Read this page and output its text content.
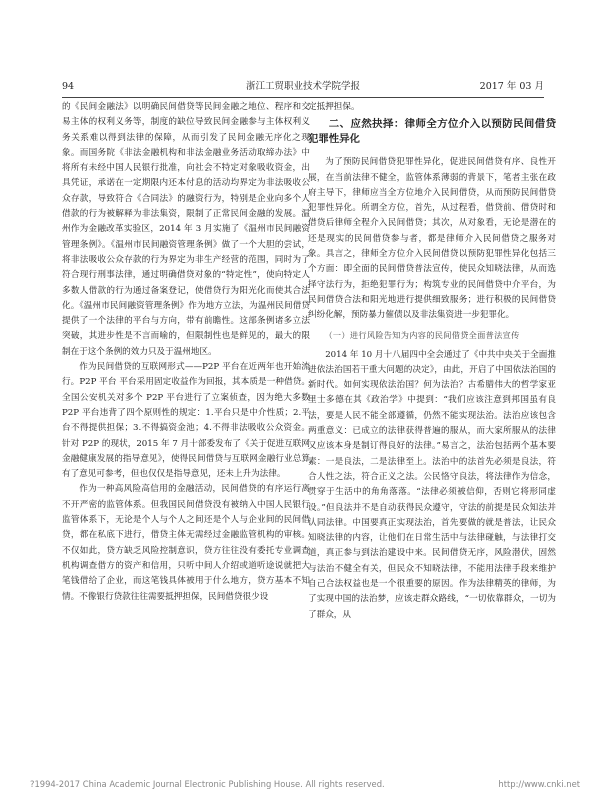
94	浙江工贸职业技术学院学报	2017 年 03 月

的《民间金融法》以明确民间借贷等民间金融之地位、程序和交易主体的权利义务等，制度的缺位导致民间金融参与主体权利义务关系难以得到法律的保障，从而引发了民间金融无序化之现象。而国务院《非法金融机构和非法金融业务活动取缔办法》中将所有未经中国人民银行批准，向社会不特定对象吸收资金，出具凭证，承诺在一定期限内还本付息的活动均界定为非法吸收公众存款，导致符合《合同法》的融资行为，特别是企业向多个人借款的行为被解释为非法集资，限制了正常民间金融的发展。温州作为金融改革实验区，2014 年 3 月实施了《温州市民间融资管理条例》。《温州市民间融资管理条例》做了一个大胆的尝试，将非法吸收公众存款的行为界定为非生产经营的范围，同时为了符合现行刑事法律，通过明确借贷对象的“特定性”，使向特定人多数人借款的行为通过备案登记，使借贷行为阳光化而使其合法化。《温州市民间融资管理条例》作为地方立法，为温州民间借贷提供了一个法律的平台与方向，带有前瞻性。这部条例诸多立法突破，其进步性是不言而喻的，但限制性也是鲜见的，最大的限制在于这个条例的效力只及于温州地区。

作为民间借贷的互联网形式——P2P 平台在近两年也开始流行。P2P 平台 平台采用固定收益作为回报，其本质是一种借贷。全国公安机关对多个 P2P 平台进行了立案侦查，因为绝大多数 P2P 平台违背了四个原则性的规定：1.平台只是中介性质；2.平台不得提供担保；3.不得搞资金池；4.不得非法吸收公众资金。针对 P2P 的现状，2015 年 7 月十部委发布了《关于促进互联网金融健康发展的指导意见》，使得民间借贷与互联网金融行业总算有了意见可参考，但也仅仅是指导意见，还未上升为法律。

作为一种高风险高信用的金融活动，民间借贷的有序运行离不开严密的监管体系。但我国民间借贷没有被纳入中国人民银行监管体系下，无论是个人与个人之间还是个人与企业间的民间借贷，都在私底下进行，借贷主体无需经过金融监管机构的审核。不仅如此，贷方缺乏风险控制意识，贷方往往没有委托专业调查机构调查借方的资产和信用，只听中间人介绍或道听途说就把大笔钱借给了企业，而这笔钱具体被用于什么地方，贷方基本不知情。不像银行贷款往往需要抵押担保，民间借贷很少设

定抵押担保。

二、应然抉择：律师全方位介入以预防民间借贷犯罪性异化

为了预防民间借贷犯罪性异化，促进民间借贷有序、良性开展，在当前法律不健全，监管体系薄弱的背景下，笔者主张在政府主导下，律师应当全方位地介入民间借贷，从而预防民间借贷犯罪性异化。所谓全方位，首先，从过程看，借贷前、借贷时和借贷后律师全程介入民间借贷；其次，从对象看，无论是潜在的还是现实的民间借贷参与者，都是律师介入民间借贷之服务对象。具言之，律师全方位介入民间借贷以预防犯罪性异化包括三个方面：即全面的民间借贷普法宣传，使民众知晓法律，从而选择守法行为，拒绝犯罪行为；构筑专业的民间借贷中介平台，为民间借贷合法和阳光地进行提供细致服务；进行积极的民间借贷纠纷化解，预防暴力催债以及非法集资进一步犯罪化。

（一）进行风险告知为内容的民间借贷全面普法宣传

2014 年 10 月十八届四中全会通过了《中共中央关于全面推进依法治国若干重大问题的决定》，由此，开启了中国依法治国的新时代。如何实现依法治国？何为法治？古希腊伟大的哲学家亚里士多德在其《政治学》中提到：“我们应该注意到邦国虽有良法，要是人民不能全部遵循，仍然不能实现法治。法治应该包含两重意义：已成立的法律获得普遍的服从，而大家所服从的法律又应该本身是制订得良好的法律。”易言之，法治包括两个基本要素：一是良法，二是法律至上。法治中的法首先必须是良法，符合人性之法，符合正义之法。公民恪守良法，将法律作为信念，贯穿于生活中的角角落落。“法律必须被信仰，否则它将形同虚设。”但良法并不是自动获得民众遵守，守法的前提是民众知法并认同法律。中国要真正实现法治，首先要做的就是普法，让民众知晓法律的内容，让他们在日常生活中与法律碰触，与法律打交道，真正参与到法治建设中来。民间借贷无序，风险潜伏，固然与法治不健全有关，但民众不知晓法律，不能用法律手段来维护自己合法权益也是一个很重要的原因。作为法律精英的律师，为了实现中国的法治梦，应该走群众路线，“一切依靠群众，一切为了群众，从

?1994-2017 China Academic Journal Electronic Publishing House. All rights reserved.	http://www.cnki.net
